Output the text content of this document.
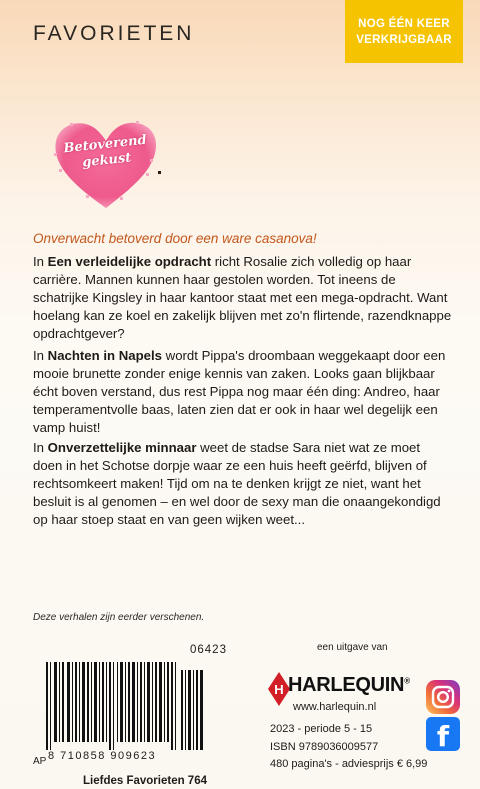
FAVORIETEN	NOG ÉÉN KEER
VERKRIJGBAAR
Betoverend
gekust
Onverwacht betoverd door een ware casanova!
In Een verleidelijke opdracht richt Rosalie zich volledig op haar carrière. Mannen kunnen haar gestolen worden. Tot ineens de schatrijke Kingsley in haar kantoor staat met een mega-opdracht. Want hoelang kan ze koel en zakelijk blijven met zo'n flirtende, razendknappe opdrachtgever?
In Nachten in Napels wordt Pippa's droombaan weggekaapt door een mooie brunette zonder enige kennis van zaken. Looks gaan blijkbaar écht boven verstand, dus rest Pippa nog maar één ding: Andreo, haar temperamentvolle baas, laten zien dat er ook in haar wel degelijk een vamp huist!
In Onverzettelijke minnaar weet de stadse Sara niet wat ze moet doen in het Schotse dorpje waar ze een huis heeft geërfd, blijven of rechtsomkeert maken! Tijd om na te denken krijgt ze niet, want het besluit is al genomen – en wel door de sexy man die onaangekondigd op haar stoep staat en van geen wijken weet...
Deze verhalen zijn eerder verschenen.
06423
AP 8 710858 909623
Liefdes Favorieten 764
een uitgave van
H HARLEQUIN®
www.harlequin.nl
f
2023 - periode 5 - 15
ISBN 9789036009577
480 pagina's - adviesprijs € 6,99
